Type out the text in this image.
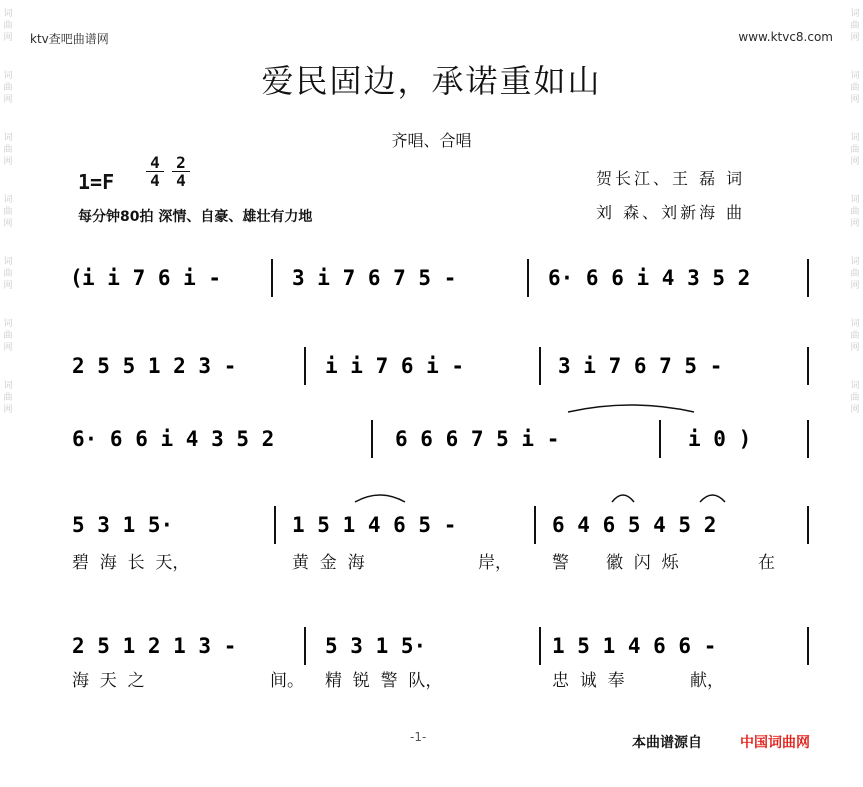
词
曲
网
词
曲
网
词
曲
网
词
曲
网
词
曲
网
词
曲
网
词
曲
网
词
曲
网
词
曲
网
词
曲
网
词
曲
网
词
曲
网
词
曲
网
词
曲
网
ktv查吧曲谱网	www.ktvc8.com
爱民固边，承诺重如山
齐唱、合唱
$1=F \frac{4}{4} \frac{2}{4}$
每分钟80拍 深情、自豪、雄壮有力地
贺长江、王 磊 词
刘 森、刘新海 曲
( i i 7 6 i -	3 i 7 6 7 5 -	6· 6 6 i 4 3 5 2
2 5 5 1 2 3 -	i i 7 6 i -	3 i 7 6 7 5 -
6· 6 6 i 4 3 5 2	6 6 6 7 5 i -	i 0 )
5 3 1 5·	1 5 1 4 6 5 -	6 4 6 5 4 5 2
2 5 1 2 1 3 -	5 3 1 5·	1 5 1 4 6 6 -
碧  海  长  天，	黄  金  海	岸， 警 徽  闪  烁	在
海  天  之	间。 精  锐  警  队，	忠  诚  奉	献，
-1-	本曲谱源自	中国词曲网
